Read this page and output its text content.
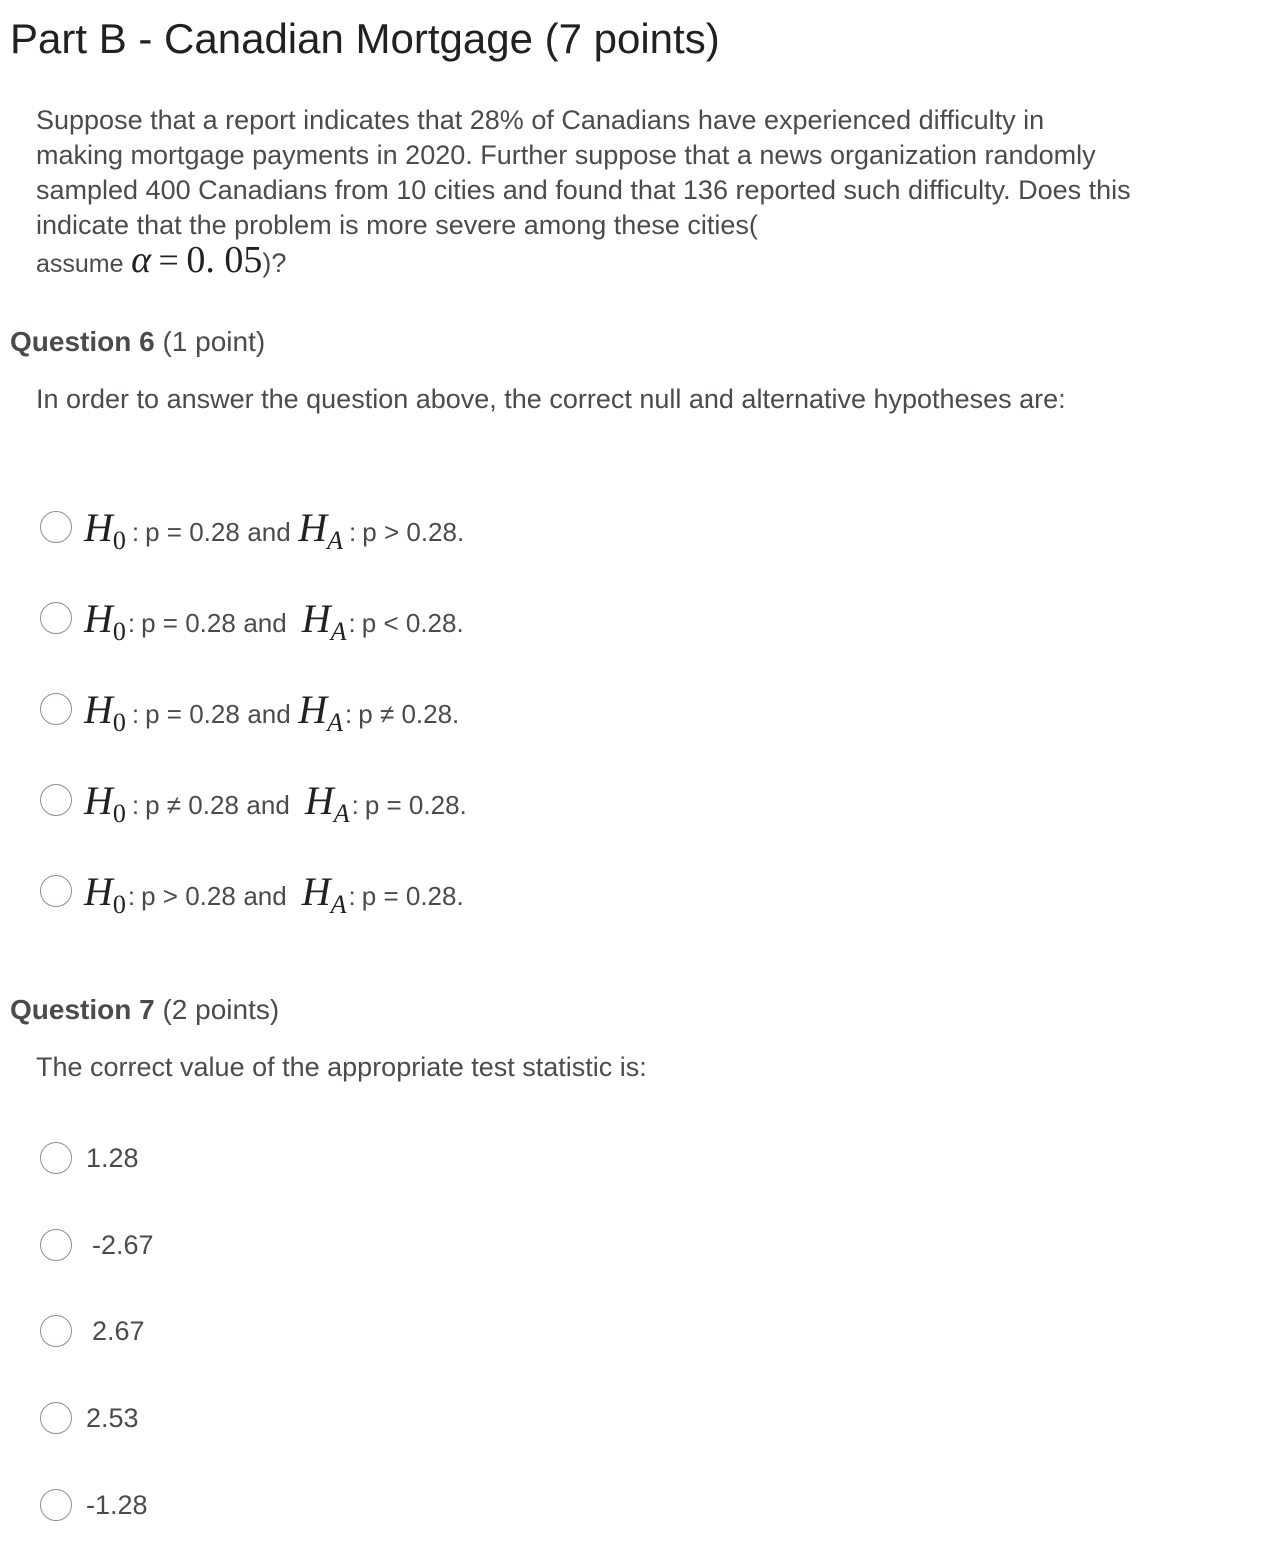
Part B - Canadian Mortgage (7 points)
Suppose that a report indicates that 28% of Canadians have experienced difficulty in making mortgage payments in 2020. Further suppose that a news organization randomly sampled 400 Canadians from 10 cities and found that 136 reported such difficulty. Does this indicate that the problem is more severe among these cities(
assume α = 0. 05)?
Question 6 (1 point)
In order to answer the question above, the correct null and alternative hypotheses are:
H 0 : p = 0.28
and
H A : p > 0.28.
H 0 : p = 0.28
and
H A : p < 0.28.
H 0 : p = 0.28
and
H A : p ≠ 0.28.
H 0 : p ≠ 0.28
and
H A : p = 0.28.
H 0 : p > 0.28
and
H A : p = 0.28.
Question 7 (2 points)
The correct value of the appropriate test statistic is:
1.28
-2.67
2.67
2.53
-1.28
